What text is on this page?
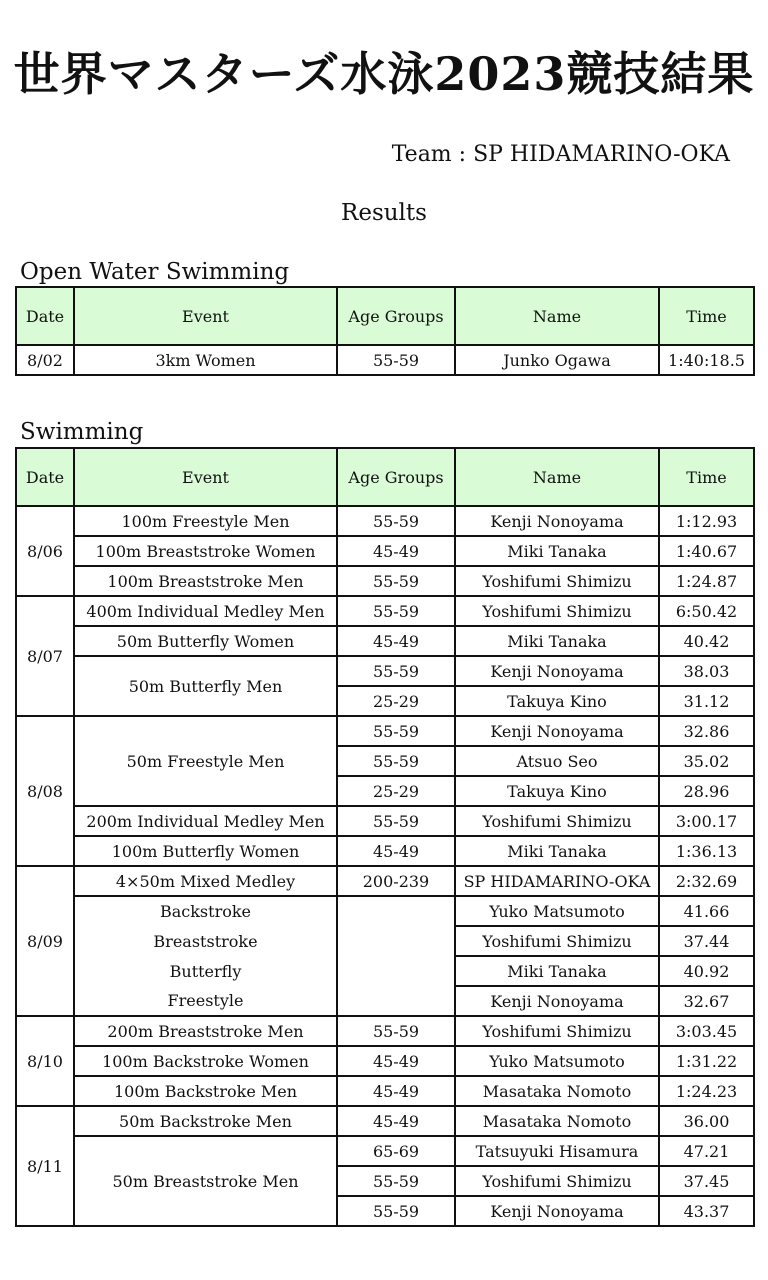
世界マスターズ水泳2023競技結果
Team : SP HIDAMARINO-OKA
Results
Open Water Swimming
Date	Event	Age Groups	Name	Time
8/02	3km Women	55-59	Junko Ogawa	1:40:18.5
Swimming
Date	Event	Age Groups	Name	Time
8/06	100m Freestyle Men	55-59	Kenji Nonoyama	1:12.93
	100m Breaststroke Women	45-49	Miki Tanaka	1:40.67
	100m Breaststroke Men	55-59	Yoshifumi Shimizu	1:24.87
8/07	400m Individual Medley Men	55-59	Yoshifumi Shimizu	6:50.42
	50m Butterfly Women	45-49	Miki Tanaka	40.42
	50m Butterfly Men	55-59	Kenji Nonoyama	38.03
		25-29	Takuya Kino	31.12
8/08	50m Freestyle Men	55-59	Kenji Nonoyama	32.86
		55-59	Atsuo Seo	35.02
		25-29	Takuya Kino	28.96
	200m Individual Medley Men	55-59	Yoshifumi Shimizu	3:00.17
	100m Butterfly Women	45-49	Miki Tanaka	1:36.13
8/09	4×50m Mixed Medley	200-239	SP HIDAMARINO-OKA	2:32.69
	Backstroke		Yuko Matsumoto	41.66
	Breaststroke		Yoshifumi Shimizu	37.44
	Butterfly		Miki Tanaka	40.92
	Freestyle		Kenji Nonoyama	32.67
8/10	200m Breaststroke Men	55-59	Yoshifumi Shimizu	3:03.45
	100m Backstroke Women	45-49	Yuko Matsumoto	1:31.22
	100m Backstroke Men	45-49	Masataka Nomoto	1:24.23
8/11	50m Backstroke Men	45-49	Masataka Nomoto	36.00
	50m Breaststroke Men	65-69	Tatsuyuki Hisamura	47.21
		55-59	Yoshifumi Shimizu	37.45
		55-59	Kenji Nonoyama	43.37
